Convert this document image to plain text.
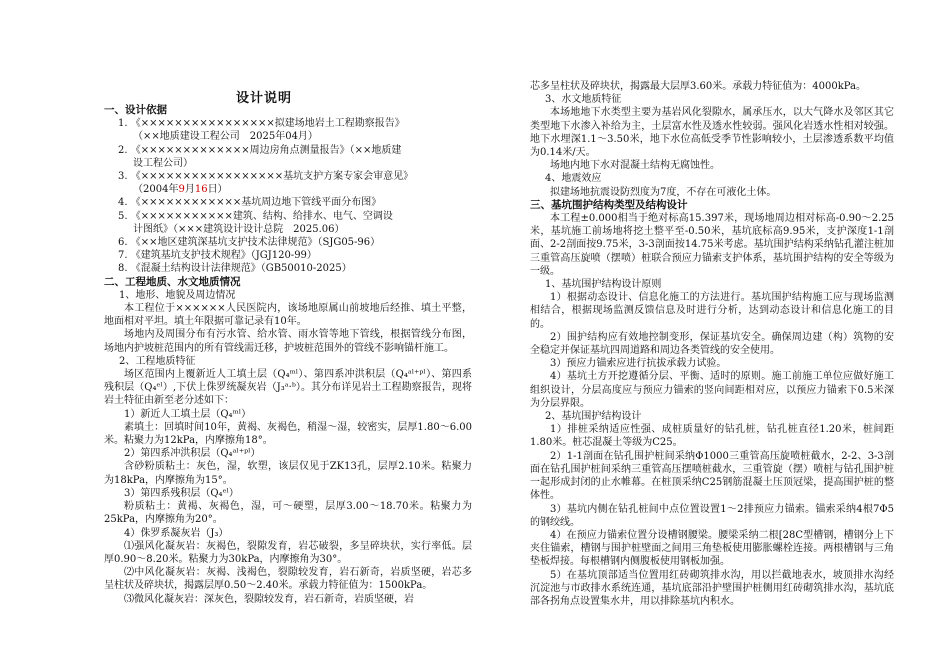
设计说明

一、设计依据

1. 《××××××××××××××××拟建场地岩土工程勘察报告》

（××地质建设工程公司　2025年04月）

2. 《×××××××××××××周边房角点测量报告》（××地质建

设工程公司）

3. 《×××××××××××××××××基坑支护方案专家会审意见》

（2004年9月16日）

4. 《××××××××××××基坑周边地下管线平面分布图》

5. 《×××××××××××建筑、结构、给排水、电气、空调设

计图纸》（×××建筑设计设计总院　2025.06）

6. 《××地区建筑深基坑支护技术法律规范》（SJG05-96）

7. 《建筑基坑支护技术规程》（JGJ120-99）

8. 《混凝土结构设计法律规范》（GB50010-2025）

二、工程地质、水文地质情况

1、地形、地貌及周边情况

本工程位于××××××人民医院内，该场地原属山前坡地后经推、填土平整，地面相对平坦。填土年限据可靠记录有10年。

场地内及周围分布有污水管、给水管、雨水管等地下管线，根据管线分布图，场地内护坡桩范围内的所有管线需迁移，护坡桩范围外的管线不影响锚杆施工。

2、工程地质特征

场区范围内上覆新近人工填土层（Q₄ᵐˡ）、第四系冲洪积层（Q₄ᵃˡ⁺ᵖˡ）、第四系残积层（Q₄ᵉˡ）,下伏上侏罗统凝灰岩（J₃ᵃ·ᵇ）。其分布详见岩土工程勘察报告，现将岩土特征由新至老分述如下：

1）新近人工填土层（Q₄ᵐˡ）

素填土：回填时间10年，黄褐、灰褐色，稍湿～湿，较密实，层厚1.80～6.00米。粘聚力为12kPa，内摩擦角18°。

2）第四系冲洪积层（Q₄ᵃˡ⁺ᵖˡ）

含砂粉质粘土：灰色，湿，软塑，该层仅见于ZK13孔，层厚2.10米。粘聚力为18kPa，内摩擦角为15°。

3）第四系残积层（Q₄ᵉˡ）

粉质粘土：黄褐、灰褐色，湿，可～硬塑，层厚3.00～18.70米。粘聚力为25kPa，内摩擦角为20°。

4）侏罗系凝灰岩（J₃）

⑴强风化凝灰岩：灰褐色，裂隙发育，岩芯破裂，多呈碎块状，实行率低。层厚0.90～8.20米。粘聚力为30kPa，内摩擦角为30°。

⑵中风化凝灰岩：灰褐、浅褐色，裂隙较发育，岩石新奇，岩质坚硬，岩芯多呈柱状及碎块状，揭露层厚0.50～2.40米。承载力特征值为：1500kPa。

⑶微风化凝灰岩：深灰色，裂隙较发育，岩石新奇，岩质坚硬，岩

芯多呈柱状及碎块状，揭露最大层厚3.60米。承载力特征值为：4000kPa。

3、水文地质特征

本场地地下水类型主要为基岩风化裂隙水，属承压水，以大气降水及邻区其它类型地下水渗入补给为主，土层富水性及透水性较弱。强风化岩透水性相对较强。地下水埋深1.1～3.50米，地下水位高低受季节性影响较小，土层渗透系数平均值为0.14米/天。

场地内地下水对混凝土结构无腐蚀性。

4、地震效应

拟建场地抗震设防烈度为7度，不存在可液化土体。

三、基坑围护结构类型及结构设计

本工程±0.000相当于绝对标高15.397米，现场地周边相对标高-0.90～2.25米，基坑施工前场地将挖土整平至-0.50米，基坑底标高9.95米，支护深度1-1剖面、2-2剖面按9.75米，3-3剖面按14.75米考虑。基坑围护结构采纳钻孔灌注桩加三重管高压旋喷（摆喷）桩联合预应力锚索支护体系，基坑围护结构的安全等级为一级。

1、基坑围护结构设计原则

1）根据动态设计、信息化施工的方法进行。基坑围护结构施工应与现场监测相结合，根据现场监测反馈信息及时进行分析，达到动态设计和信息化施工的目的。

2）围护结构应有效地控制变形，保证基坑安全。确保周边建（构）筑物的安全稳定并保证基坑四周道路和周边各类管线的安全使用。

3）预应力锚索应进行抗拔承载力试验。

4）基坑土方开挖遵循分层、平衡、适时的原则。施工前施工单位应做好施工组织设计，分层高度应与预应力锚索的竖向间距相对应，以预应力锚索下0.5米深为分层界限。

2、基坑围护结构设计

1）排桩采纳适应性强、成桩质量好的钻孔桩，钻孔桩直径1.20米，桩间距1.80米。桩芯混凝土等级为C25。

2）1-1剖面在钻孔围护桩间采纳Φ1000三重管高压旋喷桩截水，2-2、3-3剖面在钻孔围护桩间采纳三重管高压摆喷桩截水，三重管旋（摆）喷桩与钻孔围护桩一起形成封闭的止水帷幕。在桩顶采纳C25钢筋混凝土压顶冠梁，提高围护桩的整体性。

3）基坑内侧在钻孔桩间中点位置设置1～2排预应力锚索。锚索采纳4根7Φ5的钢绞线。

4）在预应力锚索位置分设槽钢腰梁。腰梁采纳二根[28C型槽钢，槽钢分上下夹住锚索，槽钢与围护桩壁面之间用三角垫板使用膨胀螺栓连接。两根槽钢与三角垫板焊接。每根槽钢内侧腹板使用钢板加强。

5）在基坑顶部适当位置用红砖砌筑排水沟，用以拦截地表水，坡顶排水沟经沉淀池与市政排水系统连通，基坑底部沿护壁围护桩侧用红砖砌筑排水沟，基坑底部各拐角点设置集水井，用以排除基坑内积水。
